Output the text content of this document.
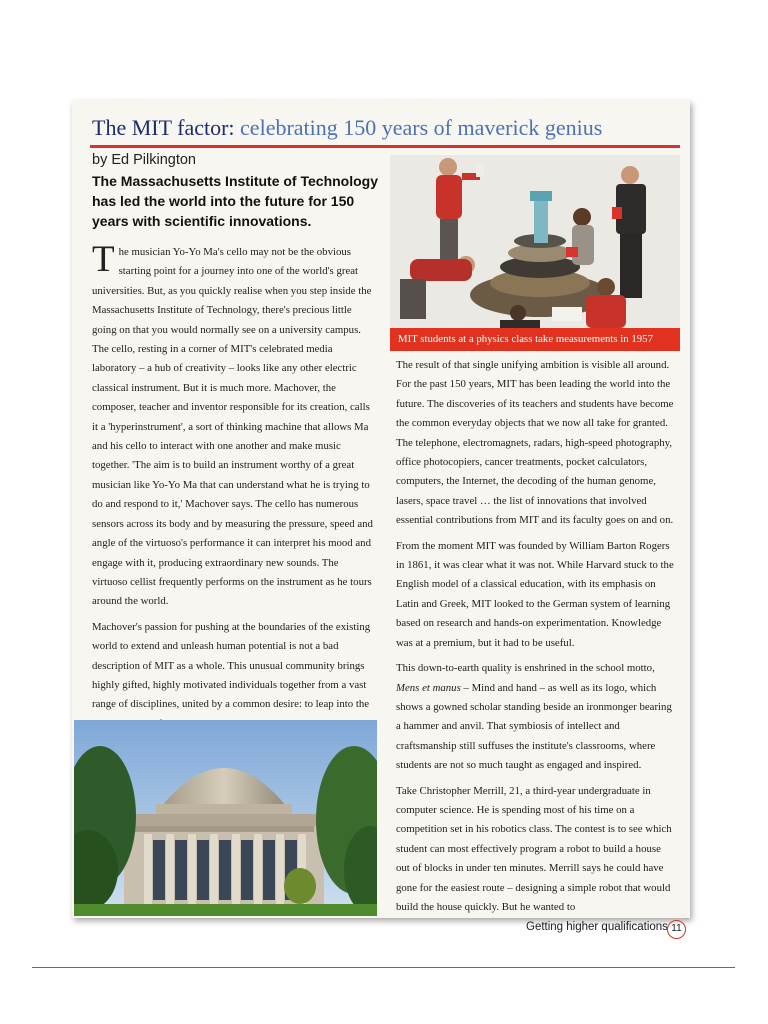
The MIT factor: celebrating 150 years of maverick genius
by Ed Pilkington
The Massachusetts Institute of Technology has led the world into the future for 150 years with scientific innovations.

The musician Yo-Yo Ma's cello may not be the obvious starting point for a journey into one of the world's great universities. But, as you quickly realise when you step inside the Massachusetts Institute of Technology, there's precious little going on that you would normally see on a university campus. The cello, resting in a corner of MIT's celebrated media laboratory – a hub of creativity – looks like any other electric classical instrument. But it is much more. Machover, the composer, teacher and inventor responsible for its creation, calls it a 'hyperinstrument', a sort of thinking machine that allows Ma and his cello to interact with one another and make music together. 'The aim is to build an instrument worthy of a great musician like Yo-Yo Ma that can understand what he is trying to do and respond to it,' Machover says. The cello has numerous sensors across its body and by measuring the pressure, speed and angle of the virtuoso's performance it can interpret his mood and engage with it, producing extraordinary new sounds. The virtuoso cellist frequently performs on the instrument as he tours around the world.

Machover's passion for pushing at the boundaries of the existing world to extend and unleash human potential is not a bad description of MIT as a whole. This unusual community brings highly gifted, highly motivated individuals together from a vast range of disciplines, united by a common desire: to leap into the

MIT students at a physics class take measurements in 1957

The result of that single unifying ambition is visible all around. For the past 150 years, MIT has been leading the world into the future. The discoveries of its teachers and students have become the common everyday objects that we now all take for granted. The telephone, electromagnets, radars, high-speed photography, office photocopiers, cancer treatments, pocket calculators, computers, the Internet, the decoding of the human genome, lasers, space travel … the list of innovations that involved essential contributions from MIT and its faculty goes on and on.

From the moment MIT was founded by William Barton Rogers in 1861, it was clear what it was not. While Harvard stuck to the English model of a classical education, with its emphasis on Latin and Greek, MIT looked to the German system of learning based on research and hands-on experimentation. Knowledge was at a premium, but it had to be useful.

This down-to-earth quality is enshrined in the school motto, Mens et manus – Mind and hand – as well as its logo, which shows a gowned scholar standing beside an ironmonger bearing a hammer and anvil. That symbiosis of intellect and craftsmanship still suffuses the institute's classrooms, where students are not so much taught as engaged and inspired.

Take Christopher Merrill, 21, a third-year undergraduate in computer science. He is spending most of his time on a competition set in his robotics class. The contest is to see which student can most effectively program a robot to build a house out of blocks in under ten minutes. Merrill says he could have gone for the easiest route – designing a simple robot that would build the house quickly. But he wanted to

Getting higher qualifications 11
